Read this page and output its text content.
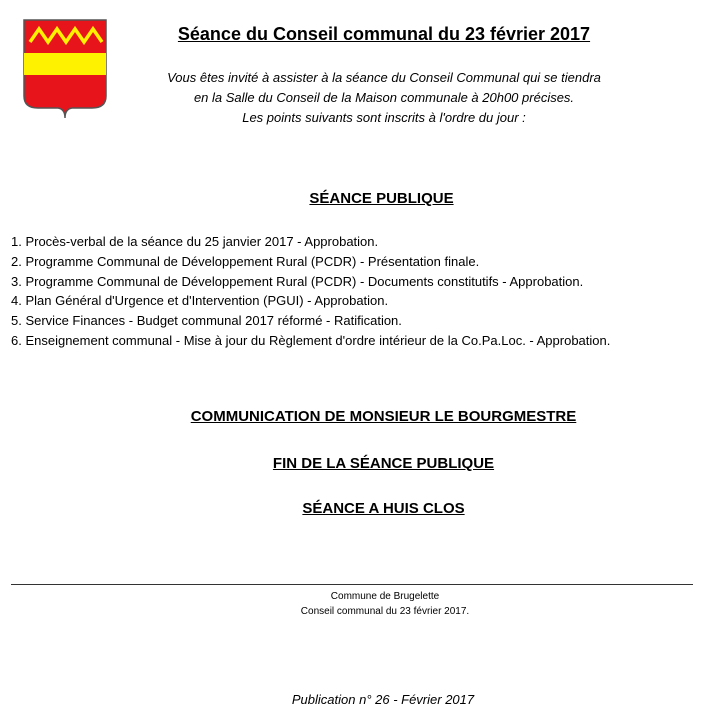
Séance du Conseil communal du 23 février 2017
Vous êtes invité à assister à la séance du Conseil Communal qui se tiendra
en la Salle du Conseil de la Maison communale à 20h00 précises.
Les points suivants sont inscrits à l'ordre du jour :
SÉANCE PUBLIQUE
1. Procès-verbal de la séance du 25 janvier 2017 - Approbation.
2. Programme Communal de Développement Rural (PCDR) - Présentation finale.
3. Programme Communal de Développement Rural (PCDR) - Documents constitutifs - Approbation.
4. Plan Général d'Urgence et d'Intervention (PGUI) - Approbation.
5. Service Finances - Budget communal 2017 réformé - Ratification.
6. Enseignement communal - Mise à jour du Règlement d'ordre intérieur de la Co.Pa.Loc. - Approbation.
COMMUNICATION DE MONSIEUR LE BOURGMESTRE
FIN DE LA SÉANCE PUBLIQUE
SÉANCE A HUIS CLOS
Commune de Brugelette
Conseil communal du 23 février 2017.
Publication n° 26 - Février 2017
